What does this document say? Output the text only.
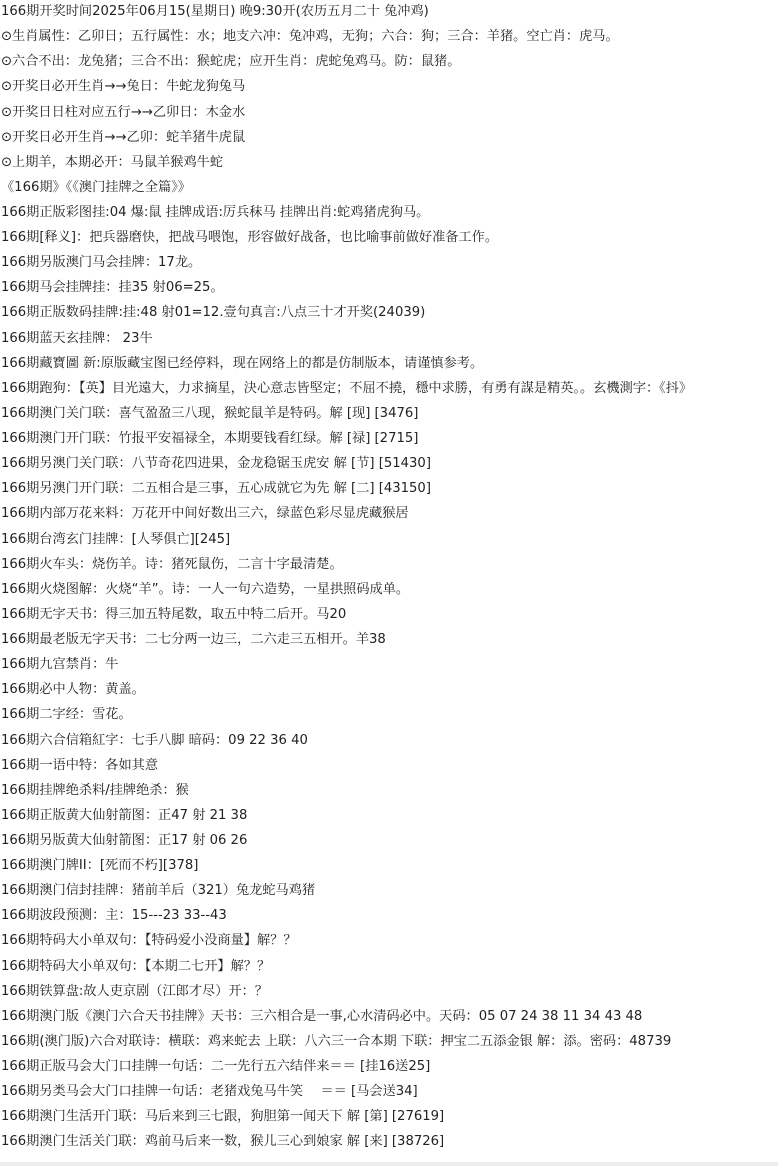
166期开奖时间2025年06月15(星期日) 晚9:30开(农历五月二十 兔冲鸡)
⊙生肖属性：乙卯日；五行属性：水；地支六冲：兔冲鸡，无狗；六合：狗；三合：羊猪。空亡肖：虎马。
⊙六合不出：龙兔猪；三合不出：猴蛇虎；应开生肖：虎蛇兔鸡马。防：鼠猪。
⊙开奖日必开生肖→→兔日：牛蛇龙狗兔马
⊙开奖日日柱对应五行→→乙卯日：木金水
⊙开奖日必开生肖→→乙卯：蛇羊猪牛虎鼠
⊙上期羊，本期必开：马鼠羊猴鸡牛蛇
《166期》《《澳门挂牌之全篇》》
166期正版彩图挂:04 爆:鼠 挂牌成语:厉兵秣马 挂牌出肖:蛇鸡猪虎狗马。
166期[释义]：把兵器磨快，把战马喂饱，形容做好战备，也比喻事前做好准备工作。
166期另版澳门马会挂牌：17龙。
166期马会挂牌挂：挂35 射06=25。
166期正版数码挂牌:挂:48 射01=12.壹句真言:八点三十才开奖(24039)
166期蓝天玄挂牌： 23牛
166期藏寶圖 新:原版藏宝图已经停料，现在网络上的都是仿制版本，请谨慎参考。
166期跑狗：【英】目光遠大，力求摘星，決心意志皆堅定；不屈不撓，穩中求勝，有勇有謀是精英。。玄機測字：《抖》
166期澳门关门联：喜气盈盈三八现，猴蛇鼠羊是特码。解 [现] [3476]
166期澳门开门联：竹报平安福禄全，本期要钱看红绿。解 [禄] [2715]
166期另澳门关门联：八节奇花四进果，金龙稳锯玉虎安 解 [节] [51430]
166期另澳门开门联：二五相合是三事，五心成就它为先 解 [二] [43150]
166期内部万花来料：万花开中间好数出三六，绿蓝色彩尽显虎藏猴居
166期台湾玄门挂牌：[人琴俱亡][245]
166期火车头：烧伤羊。诗：猪死鼠伤，二言十字最清楚。
166期火烧图解：火烧“羊”。诗：一人一句六造势，一星拱照码成单。
166期无字天书：得三加五特尾数，取五中特二后开。马20
166期最老版无字天书：二七分两一边三，二六走三五相开。羊38
166期九宫禁肖：牛
166期必中人物：黄盖。
166期二字经：雪花。
166期六合信箱紅字：七手八脚 暗码：09 22 36 40
166期一语中特：各如其意
166期挂牌绝杀料/挂牌绝杀：猴
166期正版黄大仙射箭图：正47 射 21 38
166期另版黄大仙射箭图：正17 射 06 26
166期澳门牌II：[死而不朽][378]
166期澳门信封挂牌：猪前羊后（321）兔龙蛇马鸡猪
166期波段预测：主：15---23 33--43
166期特码大小单双句：【特码爱小没商量】解？？
166期特码大小单双句：【本期二七开】解？？
166期铁算盘:故人吏京剧（江郎才尽）开：？
166期澳门版《澳门六合天书挂牌》天书：三六相合是一事,心水清码必中。天码：05 07 24 38 11 34 43 48
166期(澳门版)六合对联诗：横联：鸡来蛇去 上联：八六三一合本期 下联：押宝二五添金银 解：添。密码：48739
166期正版马会大门口挂牌一句话：二一先行五六结伴来＝＝ [挂16送25]
166期另类马会大门口挂牌一句话：老猪戏兔马牛笑　 ＝＝ [马会送34]
166期澳门生活开门联：马后来到三七跟，狗胆第一闻天下 解 [第] [27619]
166期澳门生活关门联：鸡前马后来一数，猴儿三心到娘家 解 [来] [38726]
